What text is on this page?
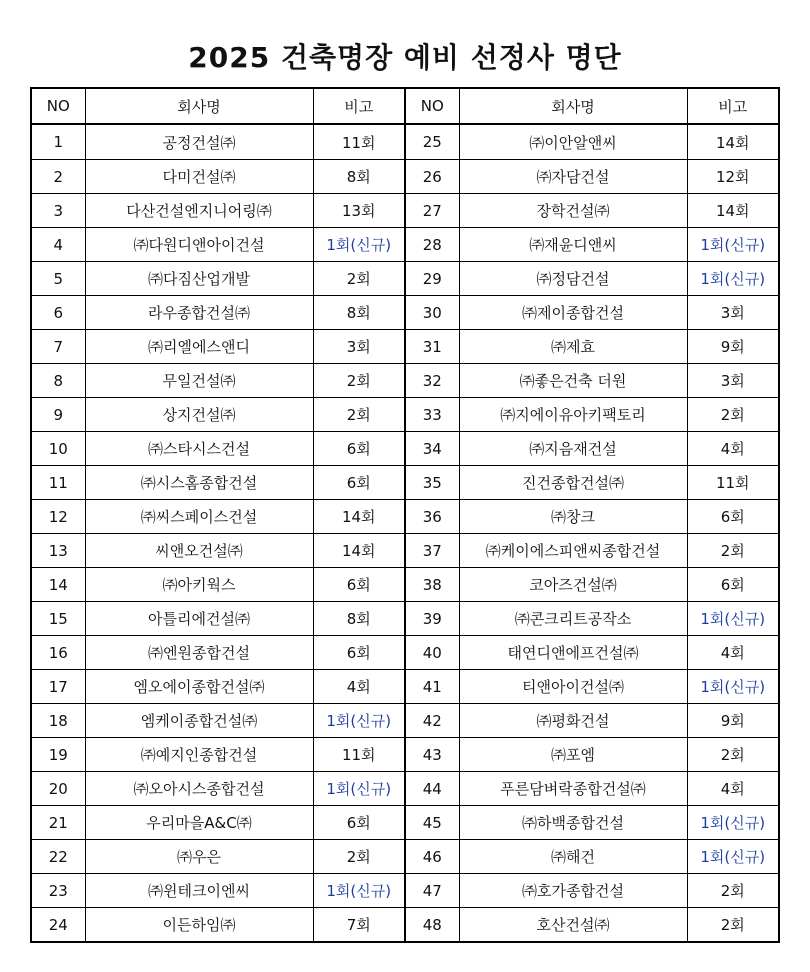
2025 건축명장 예비 선정사 명단
NO	회사명	비고	NO	회사명	비고
1	공정건설㈜	11회	25	㈜이안알앤씨	14회
2	다미건설㈜	8회	26	㈜자담건설	12회
3	다산건설엔지니어링㈜	13회	27	장학건설㈜	14회
4	㈜다원디앤아이건설	1회(신규)	28	㈜재윤디앤씨	1회(신규)
5	㈜다짐산업개발	2회	29	㈜정담건설	1회(신규)
6	라우종합건설㈜	8회	30	㈜제이종합건설	3회
7	㈜리엘에스앤디	3회	31	㈜제효	9회
8	무일건설㈜	2회	32	㈜좋은건축 더원	3회
9	상지건설㈜	2회	33	㈜지에이유아키팩토리	2회
10	㈜스타시스건설	6회	34	㈜지음재건설	4회
11	㈜시스홈종합건설	6회	35	진건종합건설㈜	11회
12	㈜씨스페이스건설	14회	36	㈜창크	6회
13	씨앤오건설㈜	14회	37	㈜케이에스피앤씨종합건설	2회
14	㈜아키웍스	6회	38	코아즈건설㈜	6회
15	아틀리에건설㈜	8회	39	㈜콘크리트공작소	1회(신규)
16	㈜엔원종합건설	6회	40	태연디앤에프건설㈜	4회
17	엠오에이종합건설㈜	4회	41	티앤아이건설㈜	1회(신규)
18	엠케이종합건설㈜	1회(신규)	42	㈜평화건설	9회
19	㈜예지인종합건설	11회	43	㈜포엠	2회
20	㈜오아시스종합건설	1회(신규)	44	푸른담벼락종합건설㈜	4회
21	우리마을A&C㈜	6회	45	㈜하백종합건설	1회(신규)
22	㈜우은	2회	46	㈜해건	1회(신규)
23	㈜윈테크이엔씨	1회(신규)	47	㈜호가종합건설	2회
24	이든하임㈜	7회	48	호산건설㈜	2회
